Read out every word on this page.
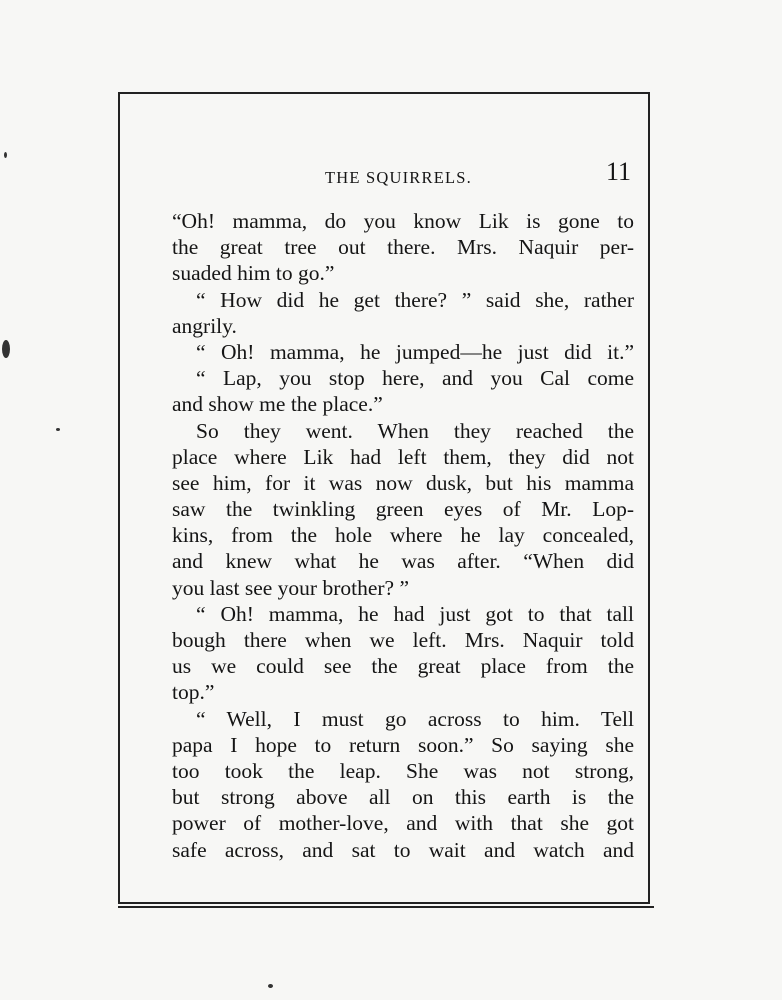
THE SQUIRRELS.	11
“Oh! mamma, do you know Lik is gone to
the great tree out there. Mrs. Naquir per-
suaded him to go.”
“ How did he get there? ” said she, rather
angrily.
“ Oh! mamma, he jumped—he just did it.”
“ Lap, you stop here, and you Cal come
and show me the place.”
So they went. When they reached the
place where Lik had left them, they did not
see him, for it was now dusk, but his mamma
saw the twinkling green eyes of Mr. Lop-
kins, from the hole where he lay concealed,
and knew what he was after. “When did
you last see your brother? ”
“ Oh! mamma, he had just got to that tall
bough there when we left. Mrs. Naquir told
us we could see the great place from the
top.”
“ Well, I must go across to him. Tell
papa I hope to return soon.” So saying she
too took the leap. She was not strong,
but strong above all on this earth is the
power of mother-love, and with that she got
safe across, and sat to wait and watch and
